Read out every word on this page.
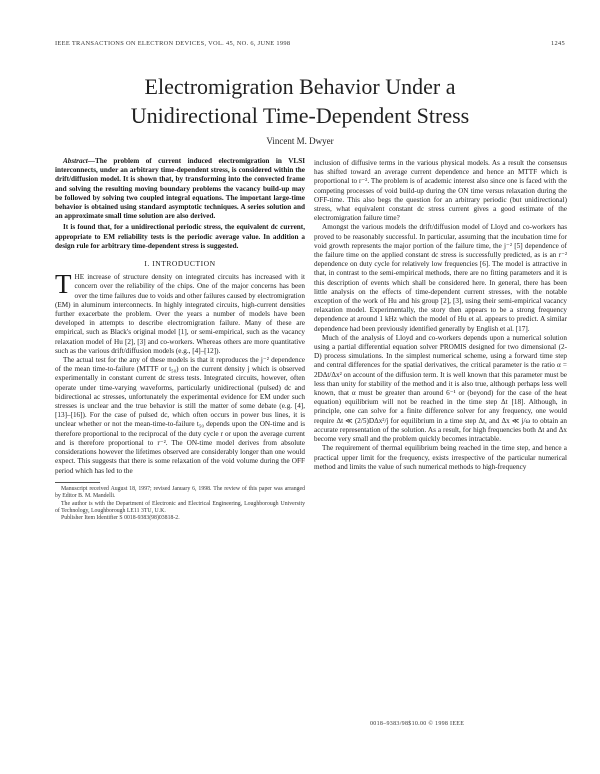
IEEE TRANSACTIONS ON ELECTRON DEVICES, VOL. 45, NO. 6, JUNE 1998	1245
Electromigration Behavior Under a
Unidirectional Time-Dependent Stress
Vincent M. Dwyer

Abstract—The problem of current induced electromigration in VLSI interconnects, under an arbitrary time-dependent stress, is considered within the drift/diffusion model. It is shown that, by transforming into the convected frame and solving the resulting moving boundary problems the vacancy build-up may be followed by solving two coupled integral equations. The important large-time behavior is obtained using standard asymptotic techniques. A series solution and an approximate small time solution are also derived.

It is found that, for a unidirectional periodic stress, the equivalent dc current, appropriate to EM reliability tests is the periodic average value. In addition a design rule for arbitrary time-dependent stress is suggested.

I. INTRODUCTION

THE increase of structure density on integrated circuits has increased with it concern over the reliability of the chips. One of the major concerns has been over the time failures due to voids and other failures caused by electromigration (EM) in aluminum interconnects. In highly integrated circuits, high-current densities further exacerbate the problem. Over the years a number of models have been developed in attempts to describe electromigration failure. Many of these are empirical, such as Black's original model [1], or semi-empirical, such as the vacancy relaxation model of Hu [2], [3] and co-workers. Whereas others are more quantitative such as the various drift/diffusion models (e.g., [4]–[12]).

The actual test for the any of these models is that it reproduces the j⁻² dependence of the mean time-to-failure (MTTF or t₅₀) on the current density j which is observed experimentally in constant current dc stress tests. Integrated circuits, however, often operate under time-varying waveforms, particularly unidirectional (pulsed) dc and bidirectional ac stresses, unfortunately the experimental evidence for EM under such stresses is unclear and the true behavior is still the matter of some debate (e.g. [4], [13]–[16]). For the case of pulsed dc, which often occurs in power bus lines, it is unclear whether or not the mean-time-to-failure t₅₀ depends upon the ON-time and is therefore proportional to the reciprocal of the duty cycle r or upon the average current and is therefore proportional to r⁻². The ON-time model derives from absolute considerations however the lifetimes observed are considerably longer than one would expect. This suggests that there is some relaxation of the void volume during the OFF period which has led to the

Manuscript received August 18, 1997; revised January 6, 1998. The review of this paper was arranged by Editor B. M. Mandelli.

The author is with the Department of Electronic and Electrical Engineering, Loughborough University of Technology, Loughborough LE11 3TU, U.K.

Publisher Item Identifier S 0018-9383(98)03818-2.

inclusion of diffusive terms in the various physical models. As a result the consensus has shifted toward an average current dependence and hence an MTTF which is proportional to r⁻². The problem is of academic interest also since one is faced with the competing processes of void build-up during the ON time versus relaxation during the OFF-time. This also begs the question for an arbitrary periodic (but unidirectional) stress, what equivalent constant dc stress current gives a good estimate of the electromigration failure time?

Amongst the various models the drift/diffusion model of Lloyd and co-workers has proved to be reasonably successful. In particular, assuming that the incubation time for void growth represents the major portion of the failure time, the j⁻² [5] dependence of the failure time on the applied constant dc stress is successfully predicted, as is an r⁻² dependence on duty cycle for relatively low frequencies [6]. The model is attractive in that, in contrast to the semi-empirical methods, there are no fitting parameters and it is this description of events which shall be considered here. In general, there has been little analysis on the effects of time-dependent current stresses, with the notable exception of the work of Hu and his group [2], [3], using their semi-empirical vacancy relaxation model. Experimentally, the story then appears to be a strong frequency dependence at around 1 kHz which the model of Hu et al. appears to predict. A similar dependence had been previously identified generally by English et al. [17].

Much of the analysis of Lloyd and co-workers depends upon a numerical solution using a partial differential equation solver PROMIS designed for two dimensional (2-D) process simulations. In the simplest numerical scheme, using a forward time step and central differences for the spatial derivatives, the critical parameter is the ratio α = 2DΔt/Δx² on account of the diffusion term. It is well known that this parameter must be less than unity for stability of the method and it is also true, although perhaps less well known, that α must be greater than around 6⁻¹ or (beyond) for the case of the heat equation) equilibrium will not be reached in the time step Δt [18]. Although, in principle, one can solve for a finite difference solver for any frequency, one would require Δt ≪ (2/5)DΔx²/j for equilibrium in a time step Δt, and Δx ≪ j/ω to obtain an accurate representation of the solution. As a result, for high frequencies both Δt and Δx become very small and the problem quickly becomes intractable.

The requirement of thermal equilibrium being reached in the time step, and hence a practical upper limit for the frequency, exists irrespective of the particular numerical method and limits the value of such numerical methods to high-frequency

0018–9383/98$10.00 © 1998 IEEE
